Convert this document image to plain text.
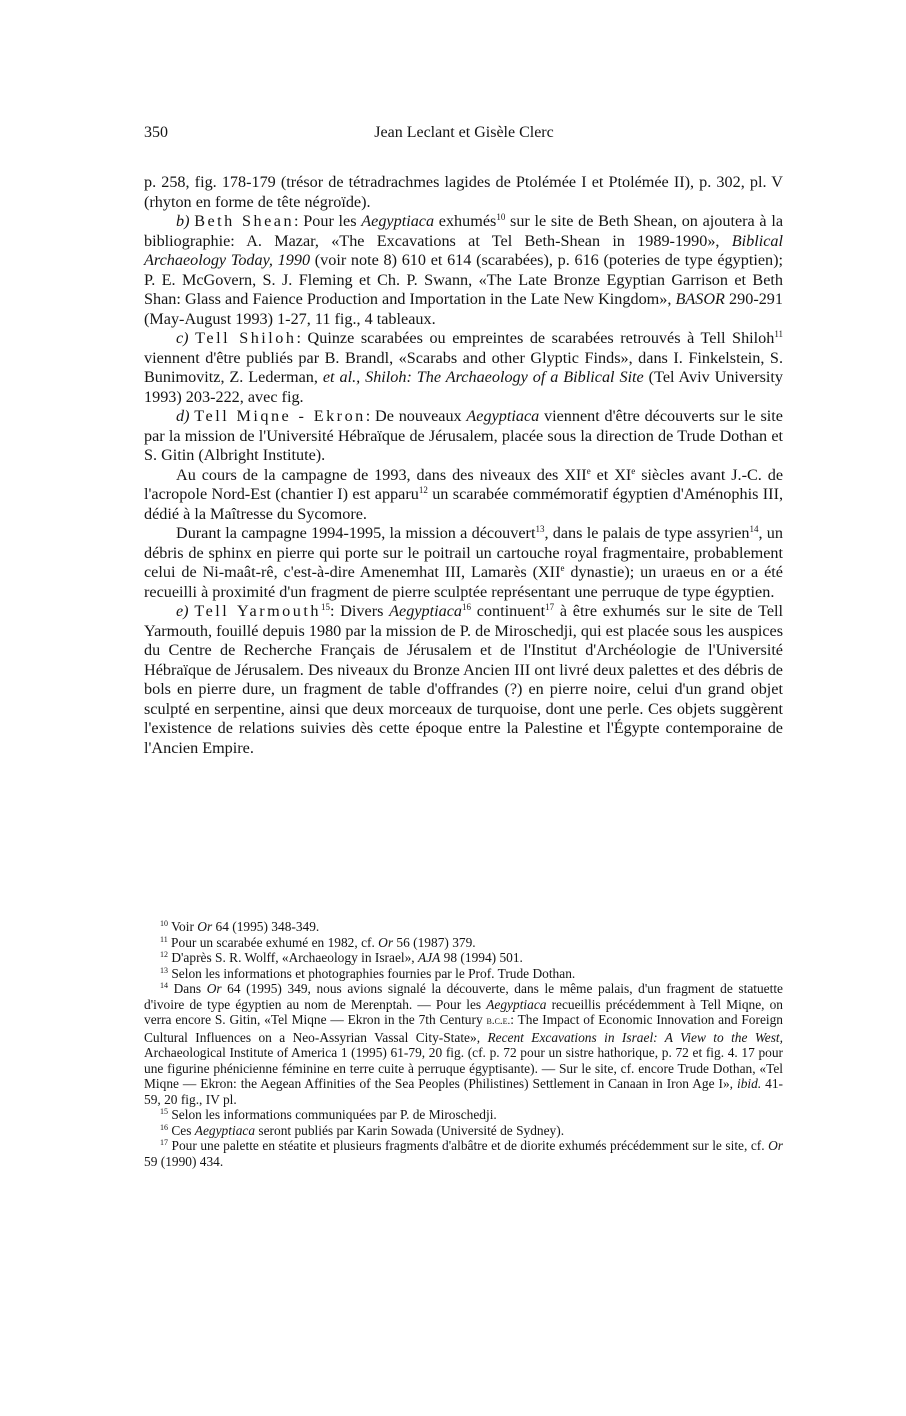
350	Jean Leclant et Gisèle Clerc

p. 258, fig. 178-179 (trésor de tétradrachmes lagides de Ptolémée I et Ptolémée II), p. 302, pl. V (rhyton en forme de tête négroïde).

b) Beth Shean: Pour les Aegyptiaca exhumés$^{10}$ sur le site de Beth Shean, on ajoutera à la bibliographie: A. Mazar, «The Excavations at Tel Beth-Shean in 1989-1990», Biblical Archaeology Today, 1990 (voir note 8) 610 et 614 (scarabées), p. 616 (poteries de type égyptien); P. E. McGovern, S. J. Fleming et Ch. P. Swann, «The Late Bronze Egyptian Garrison et Beth Shan: Glass and Faience Production and Importation in the Late New Kingdom», BASOR 290-291 (May-August 1993) 1-27, 11 fig., 4 tableaux.

c) Tell Shiloh: Quinze scarabées ou empreintes de scarabées retrouvés à Tell Shiloh$^{11}$ viennent d'être publiés par B. Brandl, «Scarabs and other Glyptic Finds», dans I. Finkelstein, S. Bunimovitz, Z. Lederman, et al., Shiloh: The Archaeology of a Biblical Site (Tel Aviv University 1993) 203-222, avec fig.

d) Tell Miqne - Ekron: De nouveaux Aegyptiaca viennent d'être découverts sur le site par la mission de l'Université Hébraïque de Jérusalem, placée sous la direction de Trude Dothan et S. Gitin (Albright Institute).

Au cours de la campagne de 1993, dans des niveaux des XIIe et XIe siècles avant J.-C. de l'acropole Nord-Est (chantier I) est apparu$^{12}$ un scarabée commémoratif égyptien d'Aménophis III, dédié à la Maîtresse du Sycomore.

Durant la campagne 1994-1995, la mission a découvert$^{13}$, dans le palais de type assyrien$^{14}$, un débris de sphinx en pierre qui porte sur le poitrail un cartouche royal fragmentaire, probablement celui de Ni-maât-rê, c'est-à-dire Amenemhat III, Lamarès (XIIe dynastie); un uraeus en or a été recueilli à proximité d'un fragment de pierre sculptée représentant une perruque de type égyptien.

e) Tell Yarmouth$^{15}$: Divers Aegyptiaca$^{16}$ continuent$^{17}$ à être exhumés sur le site de Tell Yarmouth, fouillé depuis 1980 par la mission de P. de Miroschedji, qui est placée sous les auspices du Centre de Recherche Français de Jérusalem et de l'Institut d'Archéologie de l'Université Hébraïque de Jérusalem. Des niveaux du Bronze Ancien III ont livré deux palettes et des débris de bols en pierre dure, un fragment de table d'offrandes (?) en pierre noire, celui d'un grand objet sculpté en serpentine, ainsi que deux morceaux de turquoise, dont une perle. Ces objets suggèrent l'existence de relations suivies dès cette époque entre la Palestine et l'Égypte contemporaine de l'Ancien Empire.

$^{10}$ Voir Or 64 (1995) 348-349.

$^{11}$ Pour un scarabée exhumé en 1982, cf. Or 56 (1987) 379.

$^{12}$ D'après S. R. Wolff, «Archaeology in Israel», AJA 98 (1994) 501.

$^{13}$ Selon les informations et photographies fournies par le Prof. Trude Dothan.

$^{14}$ Dans Or 64 (1995) 349, nous avions signalé la découverte, dans le même palais, d'un fragment de statuette d'ivoire de type égyptien au nom de Merenptah. — Pour les Aegyptiaca recueillis précédemment à Tell Miqne, on verra encore S. Gitin, «Tel Miqne — Ekron in the 7th Century b.c.e.: The Impact of Economic Innovation and Foreign Cultural Influences on a Neo-Assyrian Vassal City-State», Recent Excavations in Israel: A View to the West, Archaeological Institute of America 1 (1995) 61-79, 20 fig. (cf. p. 72 pour un sistre hathorique, p. 72 et fig. 4. 17 pour une figurine phénicienne féminine en terre cuite à perruque égyptisante). — Sur le site, cf. encore Trude Dothan, «Tel Miqne — Ekron: the Aegean Affinities of the Sea Peoples (Philistines) Settlement in Canaan in Iron Age I», ibid. 41-59, 20 fig., IV pl.

$^{15}$ Selon les informations communiquées par P. de Miroschedji.

$^{16}$ Ces Aegyptiaca seront publiés par Karin Sowada (Université de Sydney).

$^{17}$ Pour une palette en stéatite et plusieurs fragments d'albâtre et de diorite exhumés précédemment sur le site, cf. Or 59 (1990) 434.
